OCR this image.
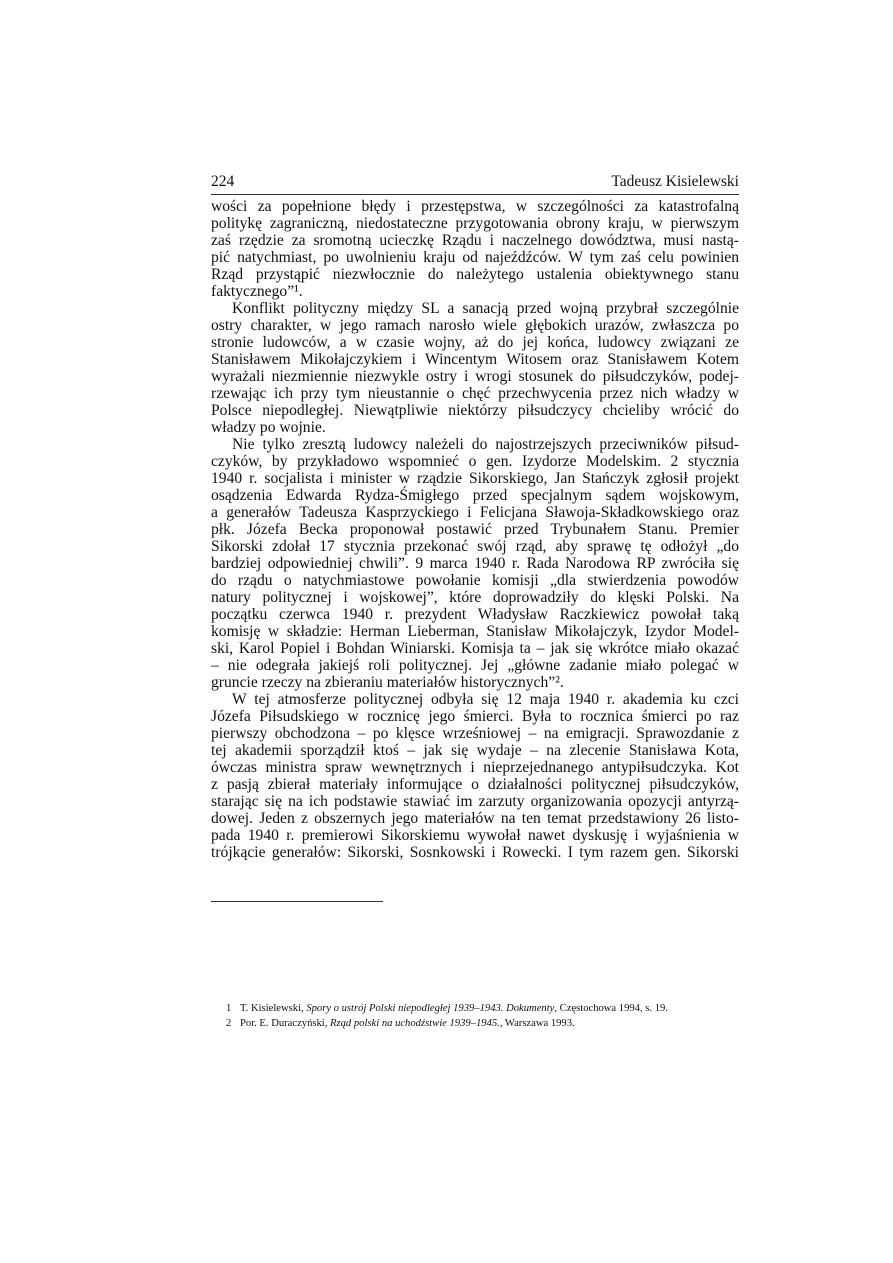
224	Tadeusz Kisielewski
wości za popełnione błędy i przestępstwa, w szczególności za katastrofalną
politykę zagraniczną, niedostateczne przygotowania obrony kraju, w pierwszym
zaś rzędzie za sromotną ucieczkę Rządu i naczelnego dowództwa, musi nastą-
pić natychmiast, po uwolnieniu kraju od najeźdźców. W tym zaś celu powinien
Rząd przystąpić niezwłocznie do należytego ustalenia obiektywnego stanu
faktycznego”¹.
Konflikt polityczny między SL a sanacją przed wojną przybrał szczególnie
ostry charakter, w jego ramach narosło wiele głębokich urazów, zwłaszcza po
stronie ludowców, a w czasie wojny, aż do jej końca, ludowcy związani ze
Stanisławem Mikołajczykiem i Wincentym Witosem oraz Stanisławem Kotem
wyrażali niezmiennie niezwykle ostry i wrogi stosunek do piłsudczyków, podej-
rzewając ich przy tym nieustannie o chęć przechwycenia przez nich władzy w
Polsce niepodległej. Niewątpliwie niektórzy piłsudczycy chcieliby wrócić do
władzy po wojnie.
Nie tylko zresztą ludowcy należeli do najostrzejszych przeciwników piłsud-
czyków, by przykładowo wspomnieć o gen. Izydorze Modelskim. 2 stycznia
1940 r. socjalista i minister w rządzie Sikorskiego, Jan Stańczyk zgłosił projekt
osądzenia Edwarda Rydza-Śmigłego przed specjalnym sądem wojskowym,
a generałów Tadeusza Kasprzyckiego i Felicjana Sławoja-Składkowskiego oraz
płk. Józefa Becka proponował postawić przed Trybunałem Stanu. Premier
Sikorski zdołał 17 stycznia przekonać swój rząd, aby sprawę tę odłożył „do
bardziej odpowiedniej chwili”. 9 marca 1940 r. Rada Narodowa RP zwróciła się
do rządu o natychmiastowe powołanie komisji „dla stwierdzenia powodów
natury politycznej i wojskowej”, które doprowadziły do klęski Polski. Na
początku czerwca 1940 r. prezydent Władysław Raczkiewicz powołał taką
komisję w składzie: Herman Lieberman, Stanisław Mikołajczyk, Izydor Model-
ski, Karol Popiel i Bohdan Winiarski. Komisja ta – jak się wkrótce miało okazać
– nie odegrała jakiejś roli politycznej. Jej „główne zadanie miało polegać w
gruncie rzeczy na zbieraniu materiałów historycznych”².
W tej atmosferze politycznej odbyła się 12 maja 1940 r. akademia ku czci
Józefa Piłsudskiego w rocznicę jego śmierci. Była to rocznica śmierci po raz
pierwszy obchodzona – po klęsce wrześniowej – na emigracji. Sprawozdanie z
tej akademii sporządził ktoś – jak się wydaje – na zlecenie Stanisława Kota,
ówczas ministra spraw wewnętrznych i nieprzejednanego antypiłsudczyka. Kot
z pasją zbierał materiały informujące o działalności politycznej piłsudczyków,
starając się na ich podstawie stawiać im zarzuty organizowania opozycji antyrzą-
dowej. Jeden z obszernych jego materiałów na ten temat przedstawiony 26 listo-
pada 1940 r. premierowi Sikorskiemu wywołał nawet dyskusję i wyjaśnienia w
trójkącie generałów: Sikorski, Sosnkowski i Rowecki. I tym razem gen. Sikorski
1 T. Kisielewski, Spory o ustrój Polski niepodległej 1939–1943. Dokumenty, Częstochowa 1994, s. 19.
2 Por. E. Duraczyński, Rząd polski na uchodźstwie 1939–1945., Warszawa 1993.
